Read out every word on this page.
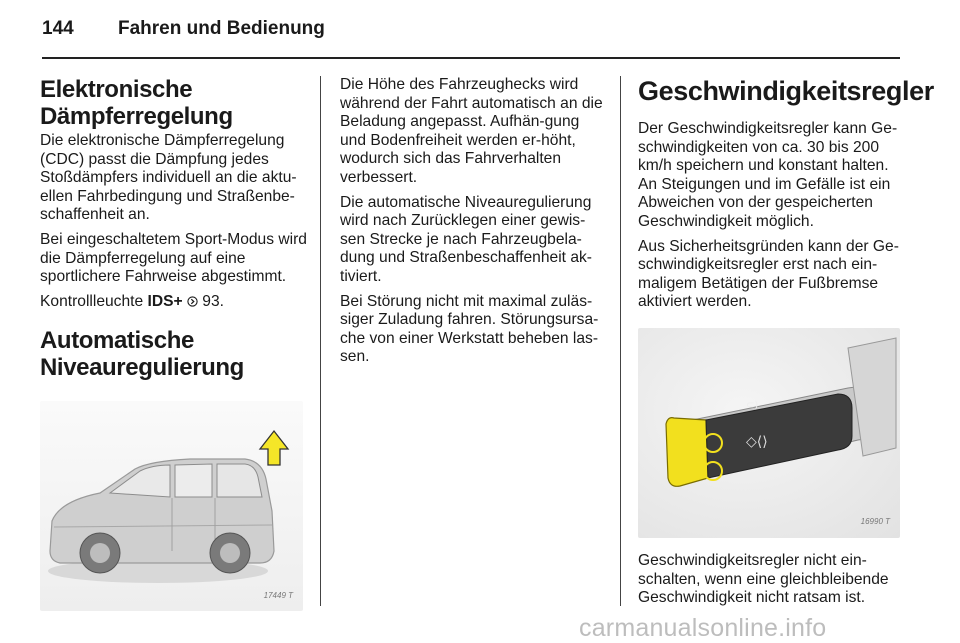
144 Fahren und Bedienung
Elektronische Dämpferregelung

Die elektronische Dämpferregelung (CDC) passt die Dämpfung jedes Stoßdämpfers individuell an die aktu-ellen Fahrbedingung und Straßenbe-schaffenheit an.

Bei eingeschaltetem Sport-Modus wird die Dämpferregelung auf eine sportlichere Fahrweise abgestimmt.

Kontrollleuchte IDS+  93.

Automatische Niveauregulierung
17449 T

Die Höhe des Fahrzeughecks wird während der Fahrt automatisch an die Beladung angepasst. Aufhän-gung und Bodenfreiheit werden er-höht, wodurch sich das Fahrverhalten verbessert.

Die automatische Niveauregulierung wird nach Zurücklegen einer gewis-sen Strecke je nach Fahrzeugbela-dung und Straßenbeschaffenheit ak-tiviert.

Bei Störung nicht mit maximal zuläs-siger Zuladung fahren. Störungsursa-che von einer Werkstatt beheben las-sen.

Geschwindigkeitsregler

Der Geschwindigkeitsregler kann Ge-schwindigkeiten von ca. 30 bis 200 km/h speichern und konstant halten. An Steigungen und im Gefälle ist ein Abweichen von der gespeicherten Geschwindigkeit möglich.

Aus Sicherheitsgründen kann der Ge-schwindigkeitsregler erst nach ein-maligem Betätigen der Fußbremse aktiviert werden.

◇⟨⟩
⊂)
16990 T

Geschwindigkeitsregler nicht ein-schalten, wenn eine gleichbleibende Geschwindigkeit nicht ratsam ist.

carmanualsonline.info
